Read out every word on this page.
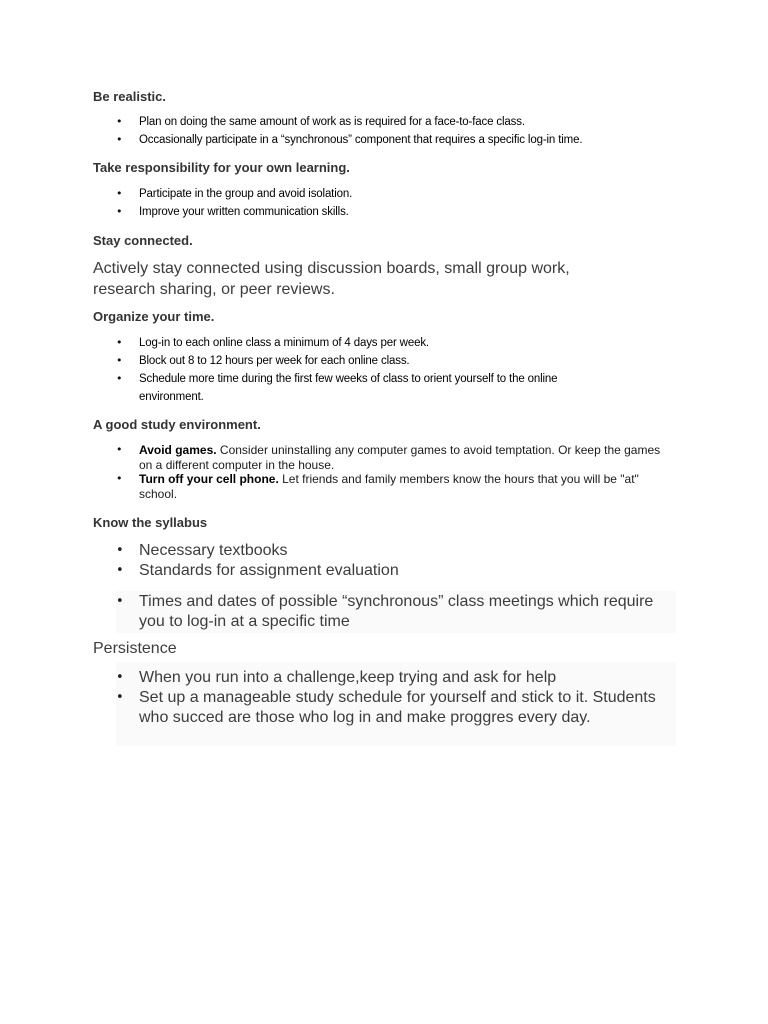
Be realistic.

• Plan on doing the same amount of work as is required for a face-to-face class.
• Occasionally participate in a “synchronous” component that requires a specific log-in time.

Take responsibility for your own learning.

• Participate in the group and avoid isolation.
• Improve your written communication skills.

Stay connected.

Actively stay connected using discussion boards, small group work, research sharing, or peer reviews.

Organize your time.

• Log-in to each online class a minimum of 4 days per week.
• Block out 8 to 12 hours per week for each online class.
• Schedule more time during the first few weeks of class to orient yourself to the online
environment.

A good study environment.

• Avoid games. Consider uninstalling any computer games to avoid temptation. Or keep the games on a different computer in the house.
• Turn off your cell phone. Let friends and family members know the hours that you will be "at" school.

Know the syllabus

• Necessary textbooks
• Standards for assignment evaluation
• Times and dates of possible “synchronous” class meetings which require you to log-in at a specific time

Persistence

• When you run into a challenge,keep trying and ask for help
• Set up a manageable study schedule for yourself and stick to it. Students who succed are those who log in and make proggres every day.
